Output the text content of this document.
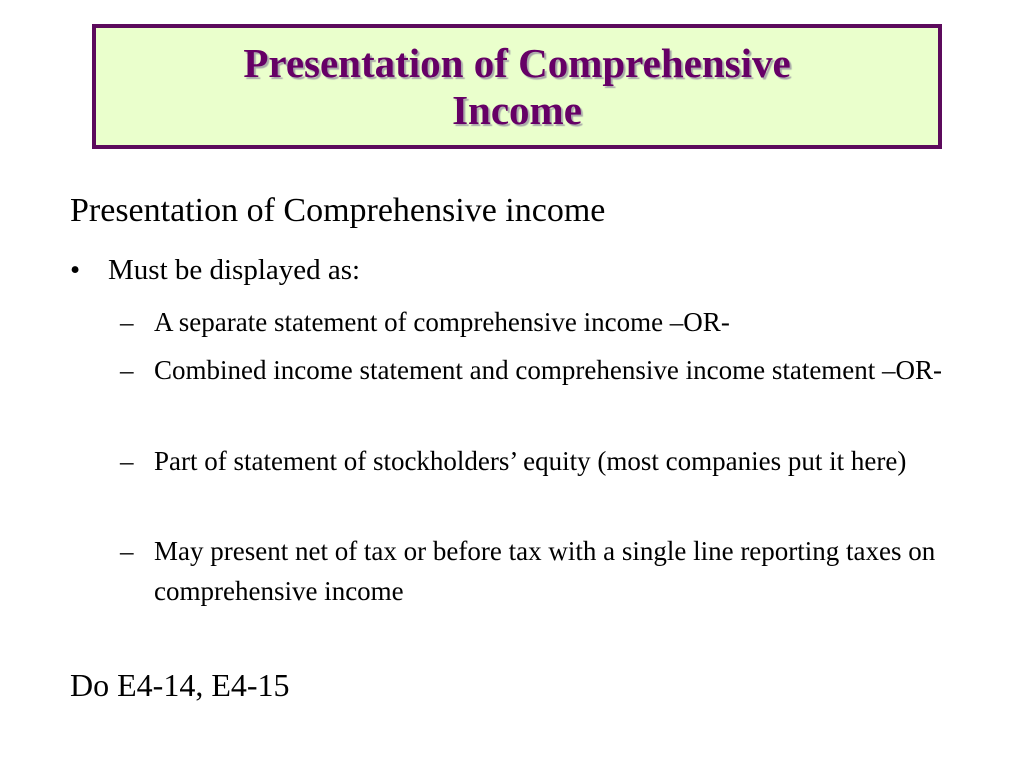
Presentation of Comprehensive
Income
Presentation of Comprehensive income
• Must be displayed as:
– A separate statement of comprehensive income –OR-
– Combined income statement and comprehensive income statement –OR-
– Part of statement of stockholders’ equity (most companies put it here)
– May present net of tax or before tax with a single line reporting taxes on comprehensive income
Do E4-14, E4-15
